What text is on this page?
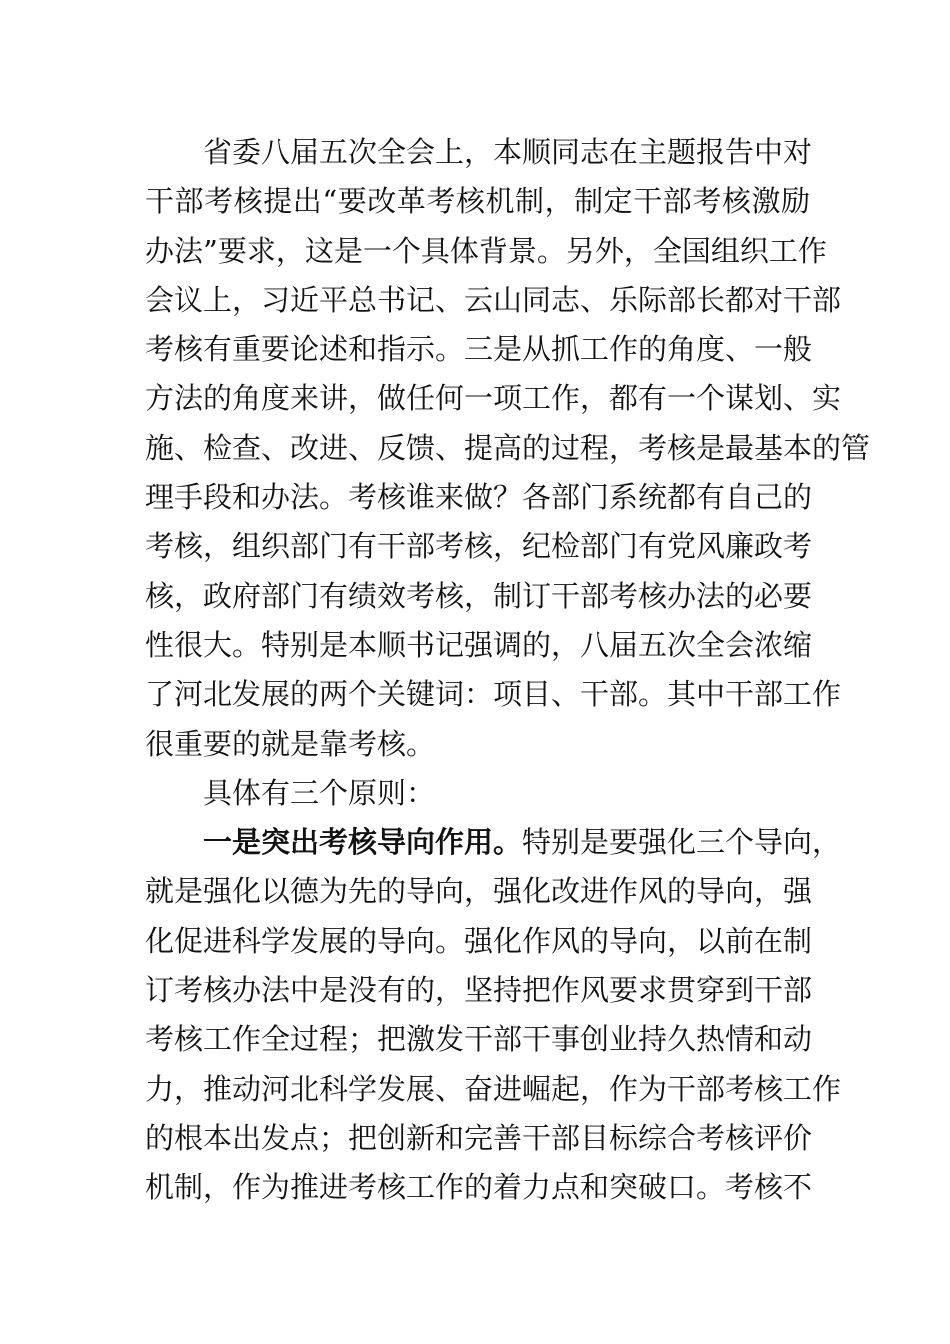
省委八届五次全会上，本顺同志在主题报告中对
干部考核提出“要改革考核机制，制定干部考核激励
办法”要求，这是一个具体背景。另外，全国组织工作
会议上，习近平总书记、云山同志、乐际部长都对干部
考核有重要论述和指示。三是从抓工作的角度、一般
方法的角度来讲，做任何一项工作，都有一个谋划、实
施、检查、改进、反馈、提高的过程，考核是最基本的管
理手段和办法。考核谁来做？各部门系统都有自己的
考核，组织部门有干部考核，纪检部门有党风廉政考
核，政府部门有绩效考核，制订干部考核办法的必要
性很大。特别是本顺书记强调的，八届五次全会浓缩
了河北发展的两个关键词：项目、干部。其中干部工作
很重要的就是靠考核。
具体有三个原则：
一是突出考核导向作用。特别是要强化三个导向，
就是强化以德为先的导向，强化改进作风的导向，强
化促进科学发展的导向。强化作风的导向，以前在制
订考核办法中是没有的，坚持把作风要求贯穿到干部
考核工作全过程；把激发干部干事创业持久热情和动
力，推动河北科学发展、奋进崛起，作为干部考核工作
的根本出发点；把创新和完善干部目标综合考核评价
机制，作为推进考核工作的着力点和突破口。考核不
